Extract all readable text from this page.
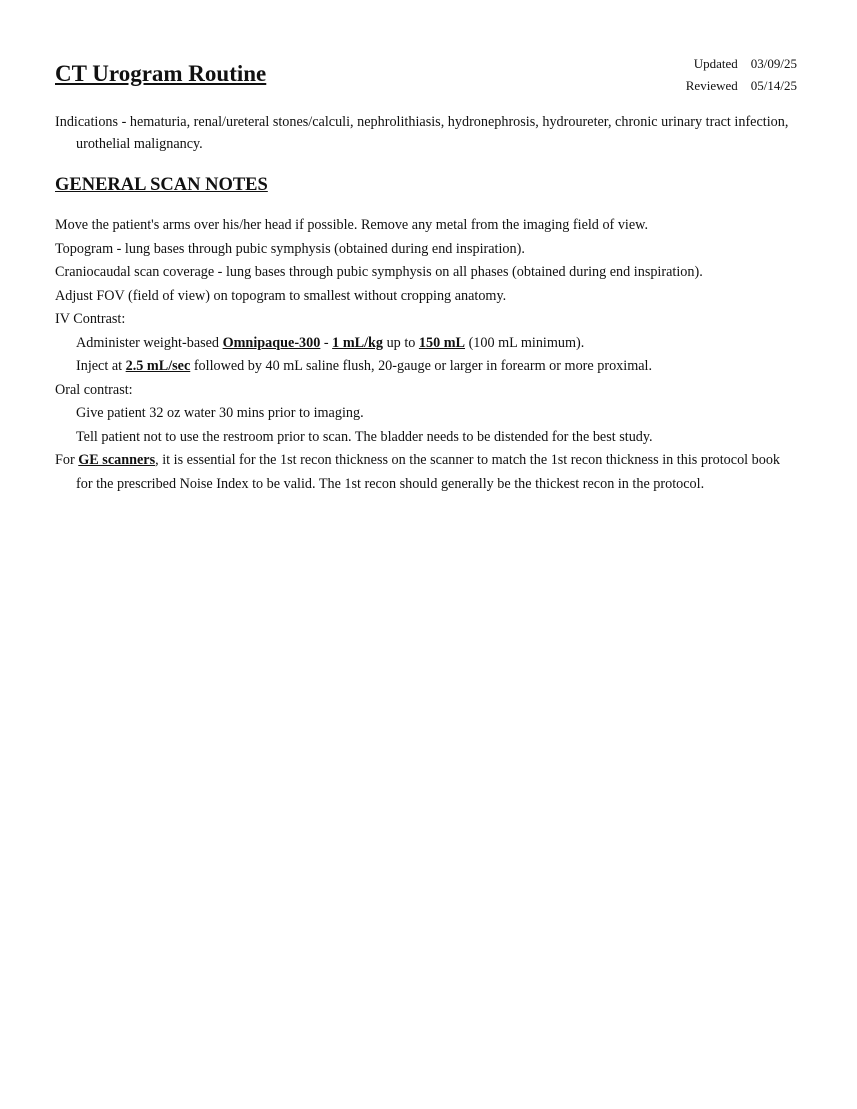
CT Urogram Routine	Updated 03/09/25
Reviewed 05/14/25
Indications - hematuria, renal/ureteral stones/calculi, nephrolithiasis, hydronephrosis, hydroureter, chronic urinary tract infection, urothelial malignancy.
GENERAL SCAN NOTES

Move the patient's arms over his/her head if possible. Remove any metal from the imaging field of view.

Topogram - lung bases through pubic symphysis (obtained during end inspiration).

Craniocaudal scan coverage - lung bases through pubic symphysis on all phases (obtained during end inspiration).

Adjust FOV (field of view) on topogram to smallest without cropping anatomy.

IV Contrast:

Administer weight-based Omnipaque-300 - 1 mL/kg up to 150 mL (100 mL minimum).

Inject at 2.5 mL/sec followed by 40 mL saline flush, 20-gauge or larger in forearm or more proximal.

Oral contrast:

Give patient 32 oz water 30 mins prior to imaging.

Tell patient not to use the restroom prior to scan. The bladder needs to be distended for the best study.

For GE scanners, it is essential for the 1st recon thickness on the scanner to match the 1st recon thickness in this protocol book for the prescribed Noise Index to be valid. The 1st recon should generally be the thickest recon in the protocol.
